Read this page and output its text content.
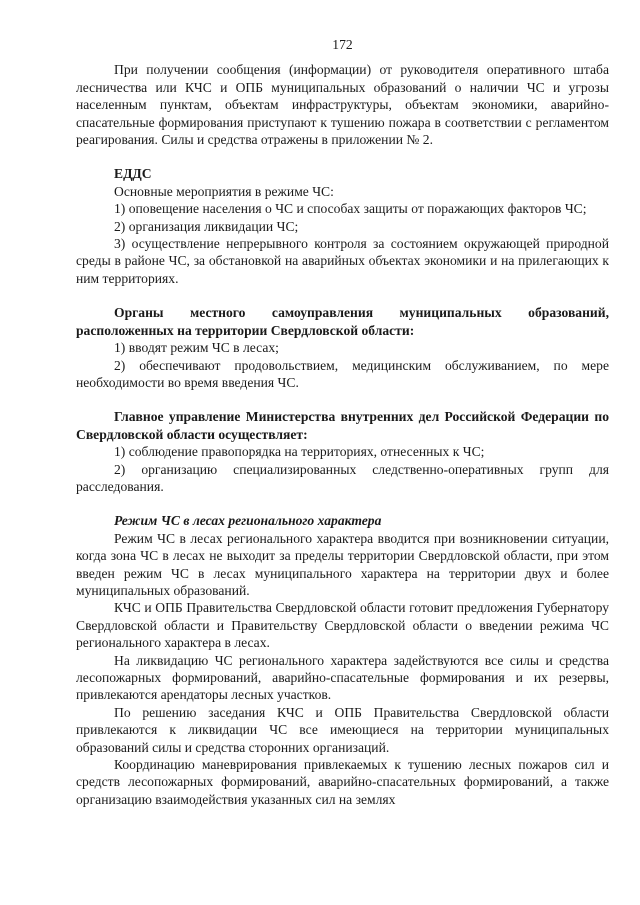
172

При получении сообщения (информации) от руководителя оперативного штаба лесничества или КЧС и ОПБ муниципальных образований о наличии ЧС и угрозы населенным пунктам, объектам инфраструктуры, объектам экономики, аварийно-спасательные формирования приступают к тушению пожара в соответствии с регламентом реагирования. Силы и средства отражены в приложении № 2.

ЕДДС

Основные мероприятия в режиме ЧС:

1) оповещение населения о ЧС и способах защиты от поражающих факторов ЧС;

2) организация ликвидации ЧС;

3) осуществление непрерывного контроля за состоянием окружающей природной среды в районе ЧС, за обстановкой на аварийных объектах экономики и на прилегающих к ним территориях.

Органы местного самоуправления муниципальных образований, расположенных на территории Свердловской области:

1) вводят режим ЧС в лесах;

2) обеспечивают продовольствием, медицинским обслуживанием, по мере необходимости во время введения ЧС.

Главное управление Министерства внутренних дел Российской Федерации по Свердловской области осуществляет:

1) соблюдение правопорядка на территориях, отнесенных к ЧС;

2) организацию специализированных следственно-оперативных групп для расследования.

Режим ЧС в лесах регионального характера

Режим ЧС в лесах регионального характера вводится при возникновении ситуации, когда зона ЧС в лесах не выходит за пределы территории Свердловской области, при этом введен режим ЧС в лесах муниципального характера на территории двух и более муниципальных образований.

КЧС и ОПБ Правительства Свердловской области готовит предложения Губернатору Свердловской области и Правительству Свердловской области о введении режима ЧС регионального характера в лесах.

На ликвидацию ЧС регионального характера задействуются все силы и средства лесопожарных формирований, аварийно-спасательные формирования и их резервы, привлекаются арендаторы лесных участков.

По решению заседания КЧС и ОПБ Правительства Свердловской области привлекаются к ликвидации ЧС все имеющиеся на территории муниципальных образований силы и средства сторонних организаций.

Координацию маневрирования привлекаемых к тушению лесных пожаров сил и средств лесопожарных формирований, аварийно-спасательных формирований, а также организацию взаимодействия указанных сил на землях
